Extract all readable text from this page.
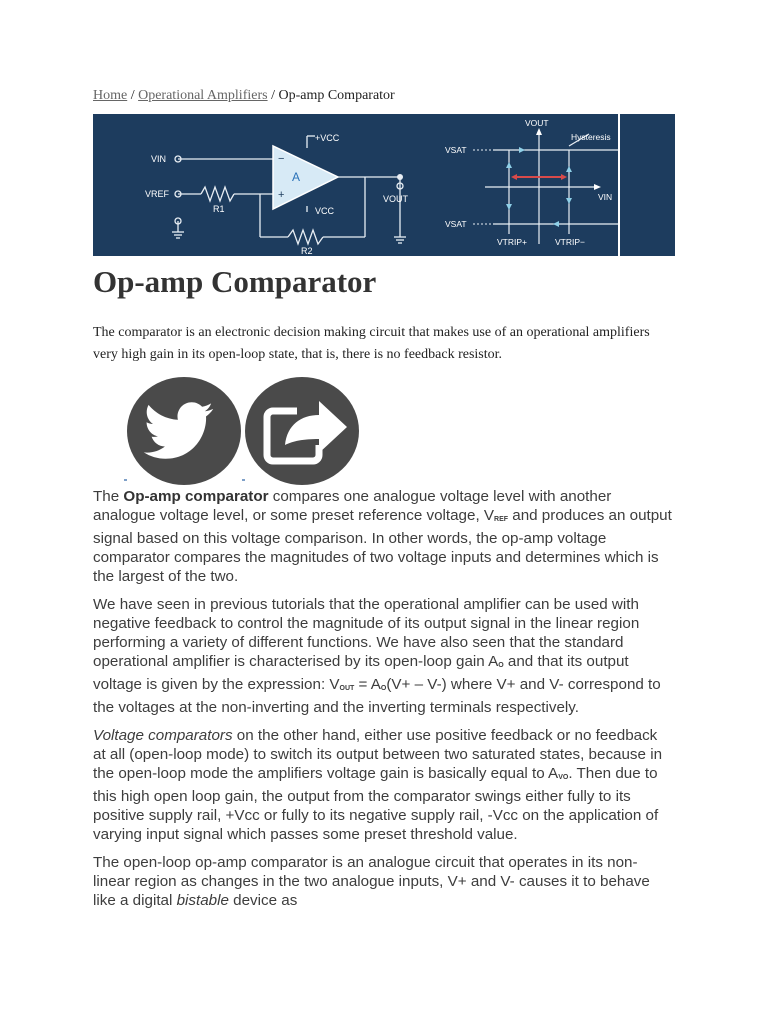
Home / Operational Amplifiers / Op-amp Comparator
VIN
VREF
+VCC
VCC
VOUT
R1
R2
−
+
A
VOUT
Hysteresis
VSAT
VSAT
VIN
VTRIP+	VTRIP−
Op-amp Comparator

The comparator is an electronic decision making circuit that makes use of an operational amplifiers very high gain in its open-loop state, that is, there is no feedback resistor.

The Op-amp comparator compares one analogue voltage level with another analogue voltage level, or some preset reference voltage, $V_{REF}$ and produces an output signal based on this voltage comparison. In other words, the op-amp voltage comparator compares the magnitudes of two voltage inputs and determines which is the largest of the two.

We have seen in previous tutorials that the operational amplifier can be used with negative feedback to control the magnitude of its output signal in the linear region performing a variety of different functions. We have also seen that the standard operational amplifier is characterised by its open-loop gain $A_O$ and that its output voltage is given by the expression: $V_{OUT} = A_O(V+ - V-)$ where V+ and V- correspond to the voltages at the non-inverting and the inverting terminals respectively.

Voltage comparators on the other hand, either use positive feedback or no feedback at all (open-loop mode) to switch its output between two saturated states, because in the open-loop mode the amplifiers voltage gain is basically equal to $A_{VO}$. Then due to this high open loop gain, the output from the comparator swings either fully to its positive supply rail, +Vcc or fully to its negative supply rail, -Vcc on the application of varying input signal which passes some preset threshold value.

The open-loop op-amp comparator is an analogue circuit that operates in its non-linear region as changes in the two analogue inputs, V+ and V- causes it to behave like a digital bistable device as
